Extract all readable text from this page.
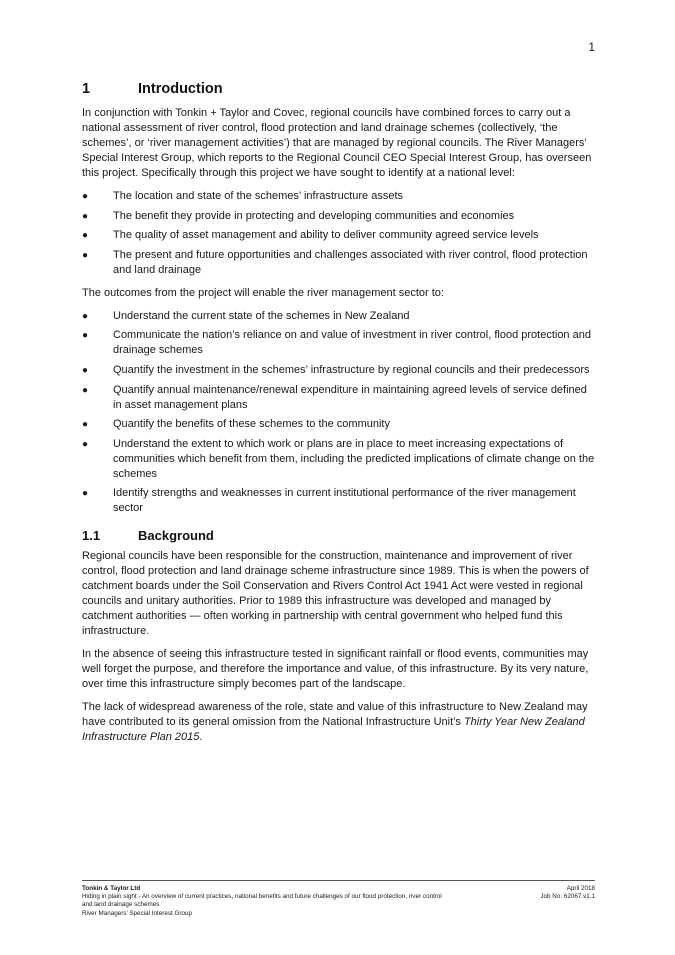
1
1	Introduction

In conjunction with Tonkin + Taylor and Covec, regional councils have combined forces to carry out a national assessment of river control, flood protection and land drainage schemes (collectively, ‘the schemes’, or ‘river management activities’) that are managed by regional councils. The River Managers’ Special Interest Group, which reports to the Regional Council CEO Special Interest Group, has overseen this project. Specifically through this project we have sought to identify at a national level:

●	The location and state of the schemes’ infrastructure assets
●	The benefit they provide in protecting and developing communities and economies
●	The quality of asset management and ability to deliver community agreed service levels
●	The present and future opportunities and challenges associated with river control, flood protection and land drainage

The outcomes from the project will enable the river management sector to:

●	Understand the current state of the schemes in New Zealand
●	Communicate the nation’s reliance on and value of investment in river control, flood protection and drainage schemes
●	Quantify the investment in the schemes’ infrastructure by regional councils and their predecessors
●	Quantify annual maintenance/renewal expenditure in maintaining agreed levels of service defined in asset management plans
●	Quantify the benefits of these schemes to the community
●	Understand the extent to which work or plans are in place to meet increasing expectations of communities which benefit from them, including the predicted implications of climate change on the schemes
●	Identify strengths and weaknesses in current institutional performance of the river management sector
1.1	Background

Regional councils have been responsible for the construction, maintenance and improvement of river control, flood protection and land drainage scheme infrastructure since 1989. This is when the powers of catchment boards under the Soil Conservation and Rivers Control Act 1941 Act were vested in regional councils and unitary authorities. Prior to 1989 this infrastructure was developed and managed by catchment authorities — often working in partnership with central government who helped fund this infrastructure.

In the absence of seeing this infrastructure tested in significant rainfall or flood events, communities may well forget the purpose, and therefore the importance and value, of this infrastructure. By its very nature, over time this infrastructure simply becomes part of the landscape.

The lack of widespread awareness of the role, state and value of this infrastructure to New Zealand may have contributed to its general omission from the National Infrastructure Unit’s Thirty Year New Zealand Infrastructure Plan 2015.

Tonkin & Taylor Ltd
Hiding in plain sight - An overview of current practices, national benefits and future challenges of our flood protection, river control and land drainage schemes
River Managers’ Special Interest Group
April 2018
Job No: 62067.v1.1
